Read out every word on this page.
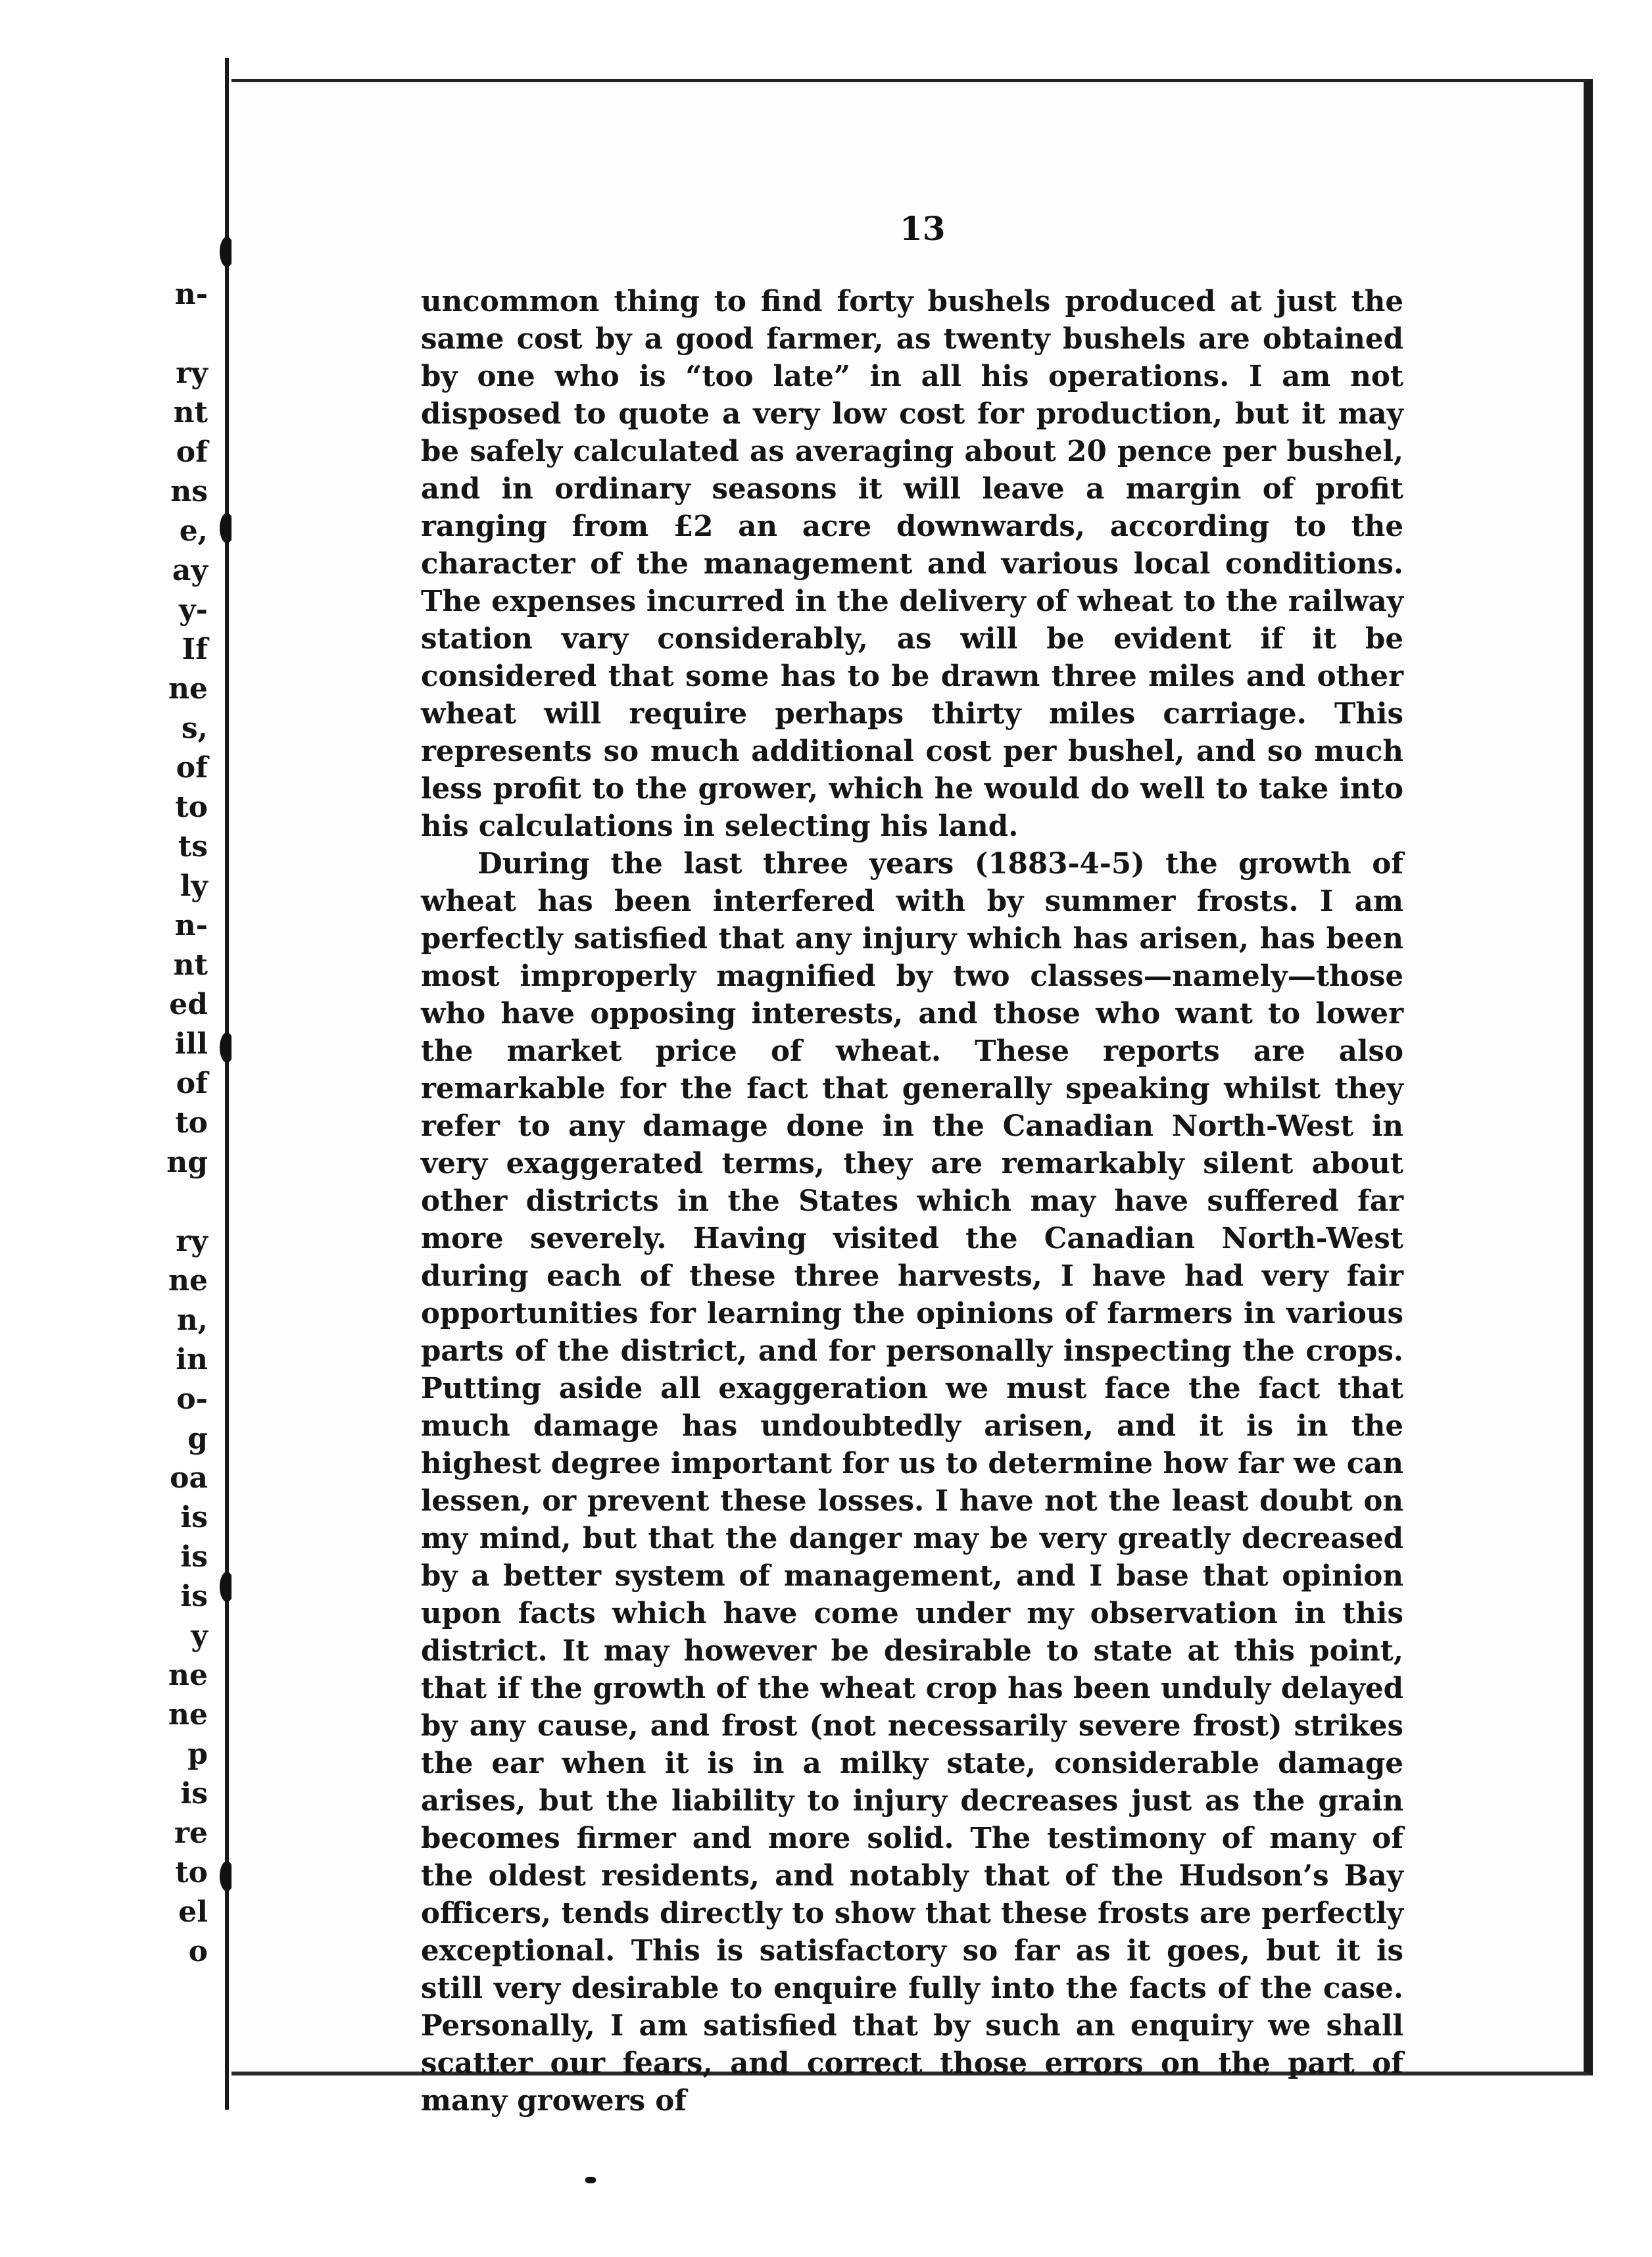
n-

ry
nt
of
ns
e,
ay
y-
If
ne
s,
of
to
ts
ly
n-
nt
ed
ill
of
to
ng

ry
ne
n,
in
o-
g
oa
is
is
is
y
ne
ne
p
is
re
to
el
o
13

uncommon thing to find forty bushels produced at just the same cost by a good farmer, as twenty bushels are obtained by one who is “too late” in all his operations. I am not disposed to quote a very low cost for production, but it may be safely calculated as averaging about 20 pence per bushel, and in ordinary seasons it will leave a margin of profit ranging from £2 an acre downwards, according to the character of the management and various local conditions. The expenses incurred in the delivery of wheat to the railway station vary considerably, as will be evident if it be considered that some has to be drawn three miles and other wheat will require perhaps thirty miles carriage. This represents so much additional cost per bushel, and so much less profit to the grower, which he would do well to take into his calculations in selecting his land.

During the last three years (1883-4-5) the growth of wheat has been interfered with by summer frosts. I am perfectly satisfied that any injury which has arisen, has been most improperly magnified by two classes—namely—those who have opposing interests, and those who want to lower the market price of wheat. These reports are also remarkable for the fact that generally speaking whilst they refer to any damage done in the Canadian North-West in very exaggerated terms, they are remarkably silent about other districts in the States which may have suffered far more severely. Having visited the Canadian North-West during each of these three harvests, I have had very fair opportunities for learning the opinions of farmers in various parts of the district, and for personally inspecting the crops. Putting aside all exaggeration we must face the fact that much damage has undoubtedly arisen, and it is in the highest degree important for us to determine how far we can lessen, or prevent these losses. I have not the least doubt on my mind, but that the danger may be very greatly decreased by a better system of management, and I base that opinion upon facts which have come under my observation in this district. It may however be desirable to state at this point, that if the growth of the wheat crop has been unduly delayed by any cause, and frost (not necessarily severe frost) strikes the ear when it is in a milky state, considerable damage arises, but the liability to injury decreases just as the grain becomes firmer and more solid. The testimony of many of the oldest residents, and notably that of the Hudson’s Bay officers, tends directly to show that these frosts are perfectly exceptional. This is satisfactory so far as it goes, but it is still very desirable to enquire fully into the facts of the case. Personally, I am satisfied that by such an enquiry we shall scatter our fears, and correct those errors on the part of many growers of
